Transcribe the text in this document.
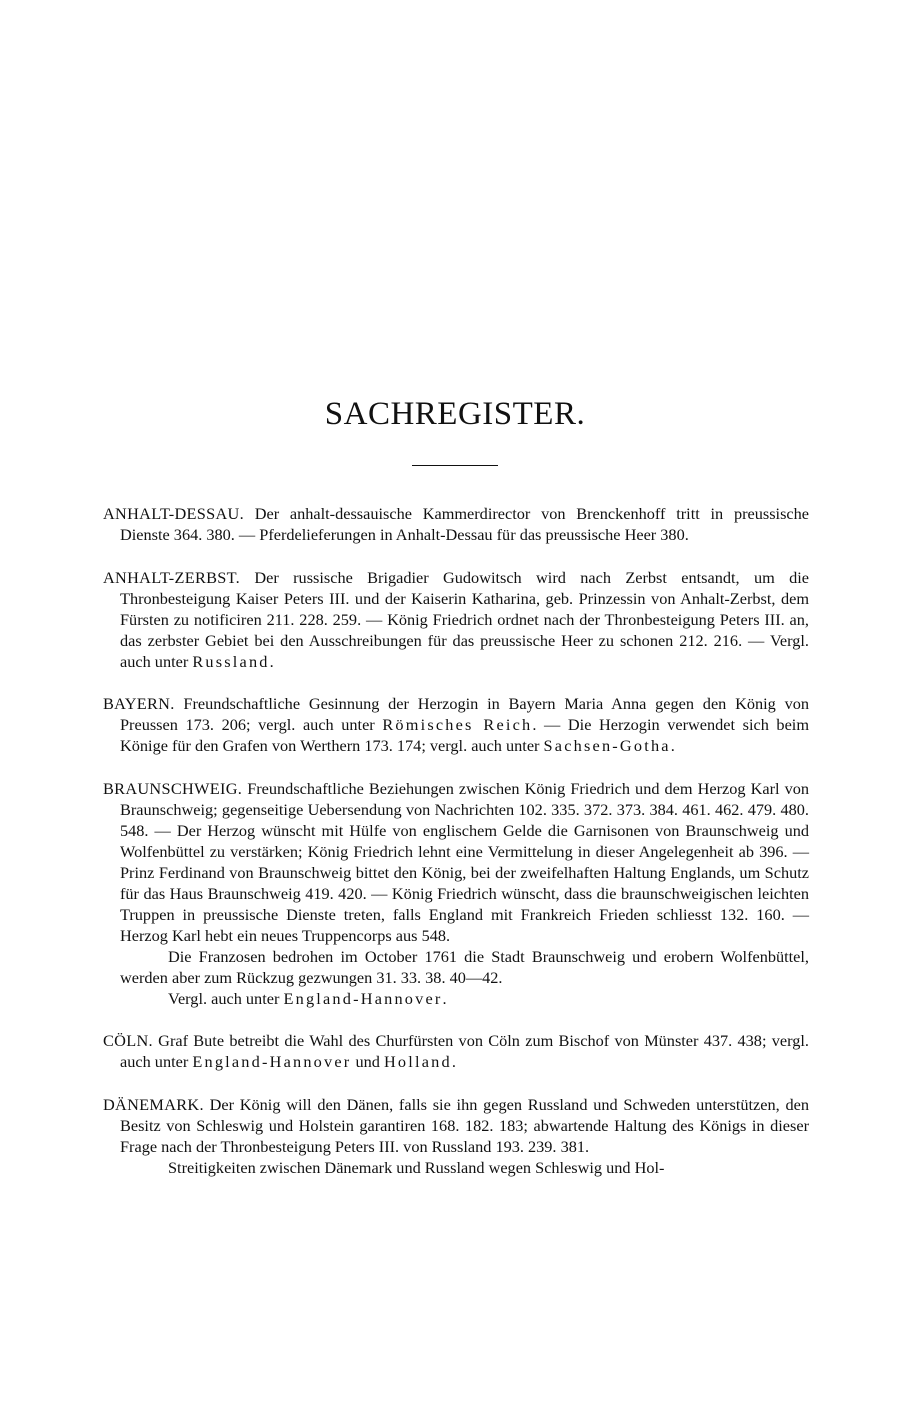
SACHREGISTER.

ANHALT-DESSAU. Der anhalt-dessauische Kammerdirector von Brenckenhoff tritt in preussische Dienste 364. 380. — Pferdelieferungen in Anhalt-Dessau für das preussische Heer 380.

ANHALT-ZERBST. Der russische Brigadier Gudowitsch wird nach Zerbst entsandt, um die Thronbesteigung Kaiser Peters III. und der Kaiserin Katharina, geb. Prinzessin von Anhalt-Zerbst, dem Fürsten zu notificiren 211. 228. 259. — König Friedrich ordnet nach der Thronbesteigung Peters III. an, das zerbster Gebiet bei den Ausschreibungen für das preussische Heer zu schonen 212. 216. — Vergl. auch unter Russland.

BAYERN. Freundschaftliche Gesinnung der Herzogin in Bayern Maria Anna gegen den König von Preussen 173. 206; vergl. auch unter Römisches Reich. — Die Herzogin verwendet sich beim Könige für den Grafen von Werthern 173. 174; vergl. auch unter Sachsen-Gotha.

BRAUNSCHWEIG. Freundschaftliche Beziehungen zwischen König Friedrich und dem Herzog Karl von Braunschweig; gegenseitige Uebersendung von Nachrichten 102. 335. 372. 373. 384. 461. 462. 479. 480. 548. — Der Herzog wünscht mit Hülfe von englischem Gelde die Garnisonen von Braunschweig und Wolfenbüttel zu verstärken; König Friedrich lehnt eine Vermittelung in dieser Angelegenheit ab 396. — Prinz Ferdinand von Braunschweig bittet den König, bei der zweifelhaften Haltung Englands, um Schutz für das Haus Braunschweig 419. 420. — König Friedrich wünscht, dass die braunschweigischen leichten Truppen in preussische Dienste treten, falls England mit Frankreich Frieden schliesst 132. 160. — Herzog Karl hebt ein neues Truppencorps aus 548.

Die Franzosen bedrohen im October 1761 die Stadt Braunschweig und erobern Wolfenbüttel, werden aber zum Rückzug gezwungen 31. 33. 38. 40—42.

Vergl. auch unter England-Hannover.

CÖLN. Graf Bute betreibt die Wahl des Churfürsten von Cöln zum Bischof von Münster 437. 438; vergl. auch unter England-Hannover und Holland.

DÄNEMARK. Der König will den Dänen, falls sie ihn gegen Russland und Schweden unterstützen, den Besitz von Schleswig und Holstein garantiren 168. 182. 183; abwartende Haltung des Königs in dieser Frage nach der Thronbesteigung Peters III. von Russland 193. 239. 381.

Streitigkeiten zwischen Dänemark und Russland wegen Schleswig und Hol-
